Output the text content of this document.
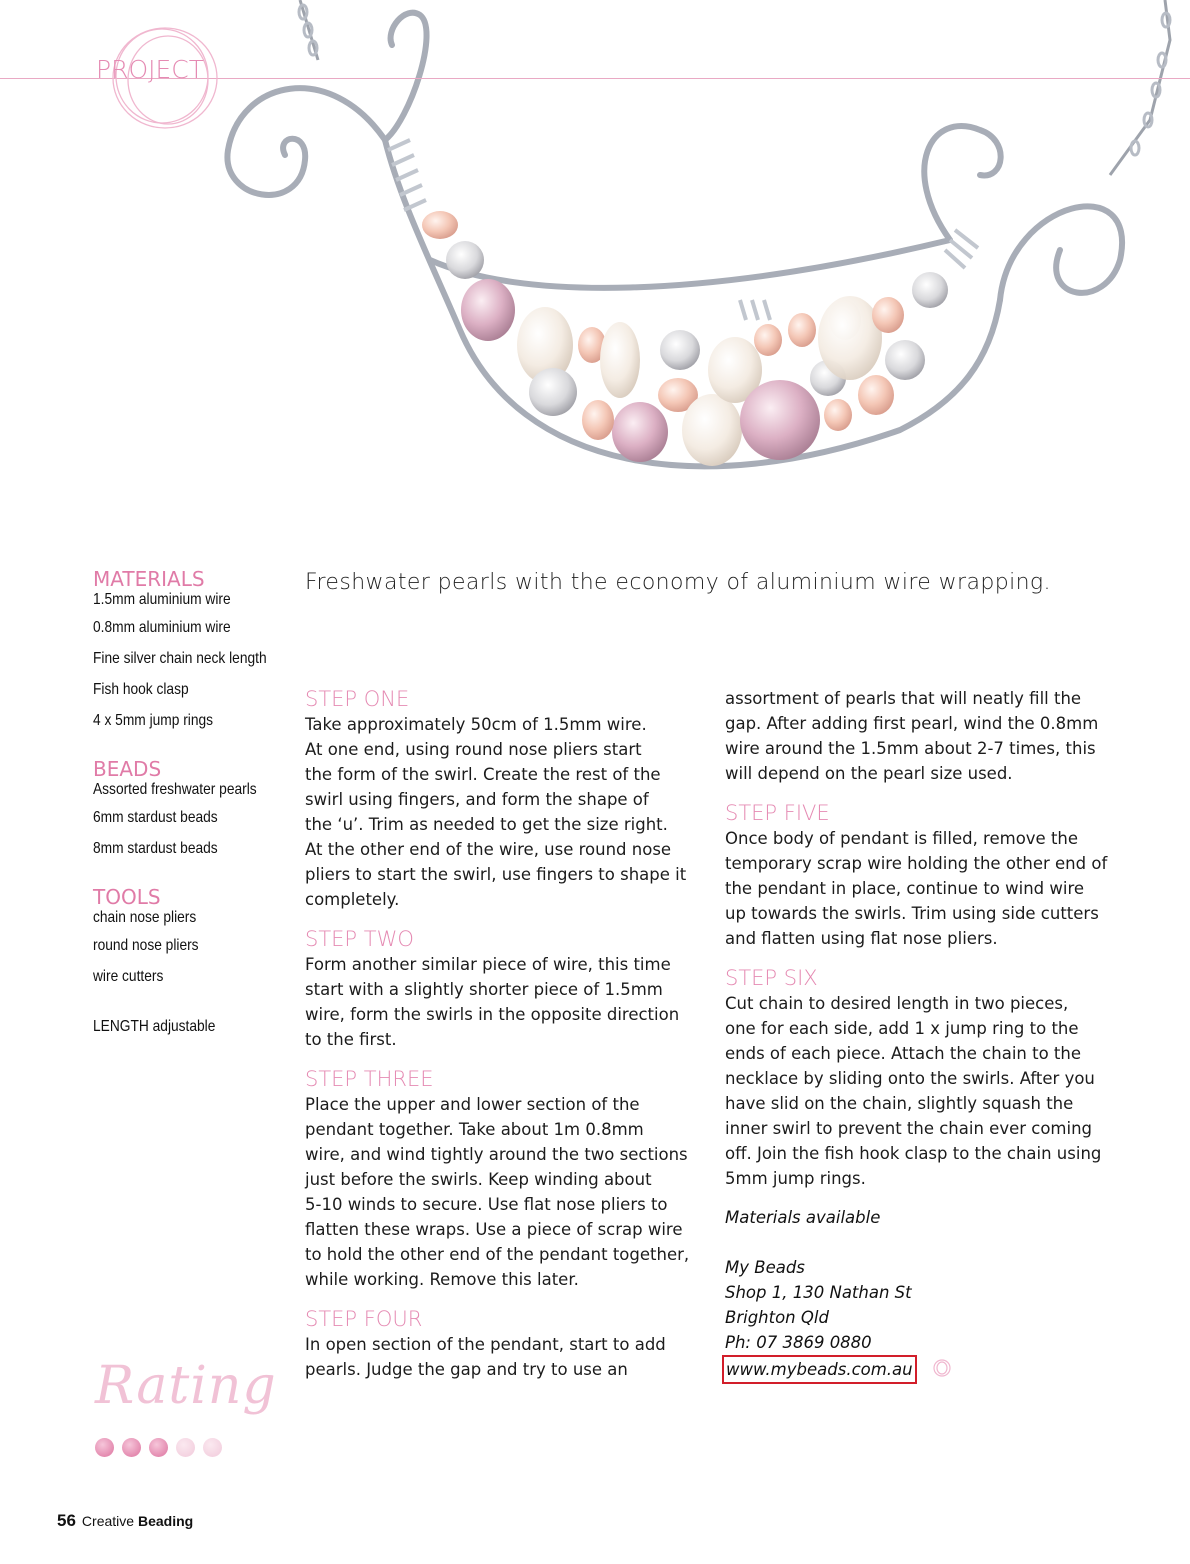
PROJECT
MATERIALS
1.5mm aluminium wire
0.8mm aluminium wire
Fine silver chain neck length
Fish hook clasp
4 x 5mm jump rings
BEADS
Assorted freshwater pearls
6mm stardust beads
8mm stardust beads
TOOLS
chain nose pliers
round nose pliers
wire cutters
LENGTH adjustable
Freshwater pearls with the economy of aluminium wire wrapping.
STEP ONE
Take approximately 50cm of 1.5mm wire.
At one end, using round nose pliers start
the form of the swirl. Create the rest of the
swirl using fingers, and form the shape of
the ‘u’. Trim as needed to get the size right.
At the other end of the wire, use round nose
pliers to start the swirl, use fingers to shape it
completely.
STEP TWO
Form another similar piece of wire, this time
start with a slightly shorter piece of 1.5mm
wire, form the swirls in the opposite direction
to the first.
STEP THREE
Place the upper and lower section of the
pendant together. Take about 1m 0.8mm
wire, and wind tightly around the two sections
just before the swirls. Keep winding about
5-10 winds to secure. Use flat nose pliers to
flatten these wraps. Use a piece of scrap wire
to hold the other end of the pendant together,
while working. Remove this later.
STEP FOUR
In open section of the pendant, start to add
pearls. Judge the gap and try to use an
assortment of pearls that will neatly fill the
gap. After adding first pearl, wind the 0.8mm
wire around the 1.5mm about 2-7 times, this
will depend on the pearl size used.
STEP FIVE
Once body of pendant is filled, remove the
temporary scrap wire holding the other end of
the pendant in place, continue to wind wire
up towards the swirls. Trim using side cutters
and flatten using flat nose pliers.
STEP SIX
Cut chain to desired length in two pieces,
one for each side, add 1 x jump ring to the
ends of each piece. Attach the chain to the
necklace by sliding onto the swirls. After you
have slid on the chain, slightly squash the
inner swirl to prevent the chain ever coming
off. Join the fish hook clasp to the chain using
5mm jump rings.
Materials available
My Beads
Shop 1, 130 Nathan St
Brighton Qld
Ph: 07 3869 0880
www.mybeads.com.au
Rating
56 Creative Beading
